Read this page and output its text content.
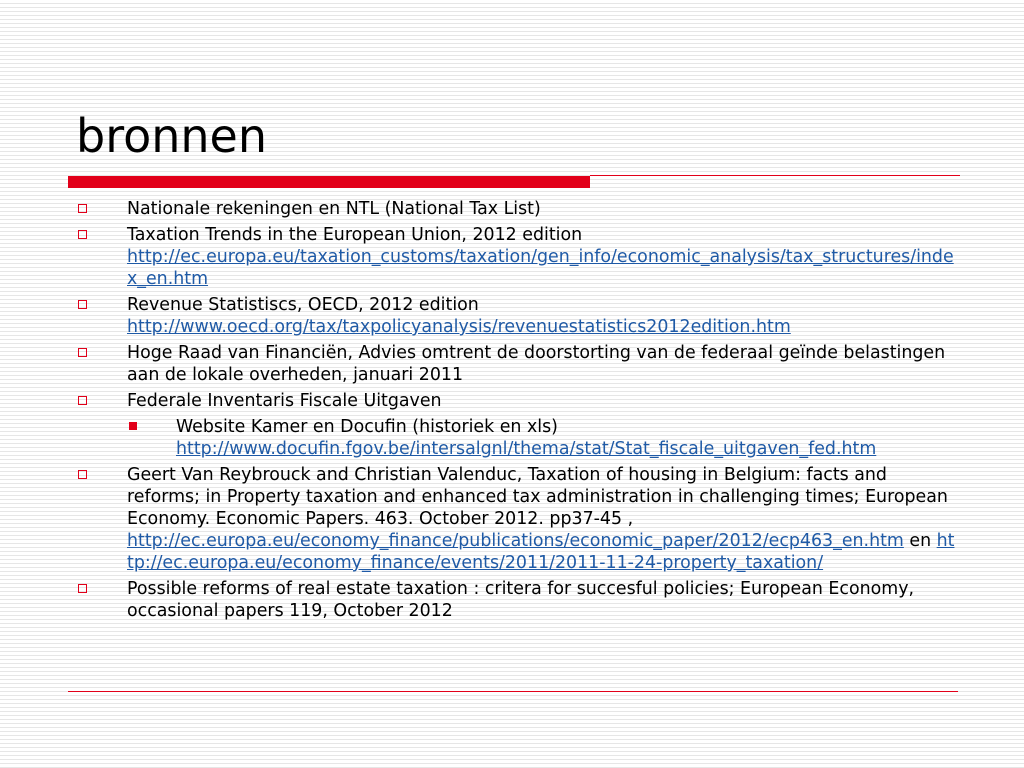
bronnen
Nationale rekeningen en NTL (National Tax List)
Taxation Trends in the European Union, 2012 edition
http://ec.europa.eu/taxation_customs/taxation/gen_info/economic_analysis/tax_structures/index_en.htm
Revenue Statistiscs, OECD, 2012 edition
http://www.oecd.org/tax/taxpolicyanalysis/revenuestatistics2012edition.htm
Hoge Raad van Financiën, Advies omtrent de doorstorting van de federaal geïnde belastingen aan de lokale overheden, januari 2011
Federale Inventaris Fiscale Uitgaven
Website Kamer en Docufin (historiek en xls)
http://www.docufin.fgov.be/intersalgnl/thema/stat/Stat_fiscale_uitgaven_fed.htm
Geert Van Reybrouck and Christian Valenduc, Taxation of housing in Belgium: facts and reforms; in Property taxation and enhanced tax administration in challenging times; European Economy. Economic Papers. 463. October 2012. pp37-45 ,
http://ec.europa.eu/economy_finance/publications/economic_paper/2012/ecp463_en.htm en http://ec.europa.eu/economy_finance/events/2011/2011-11-24-property_taxation/
Possible reforms of real estate taxation : critera for succesful policies; European Economy, occasional papers 119, October 2012
